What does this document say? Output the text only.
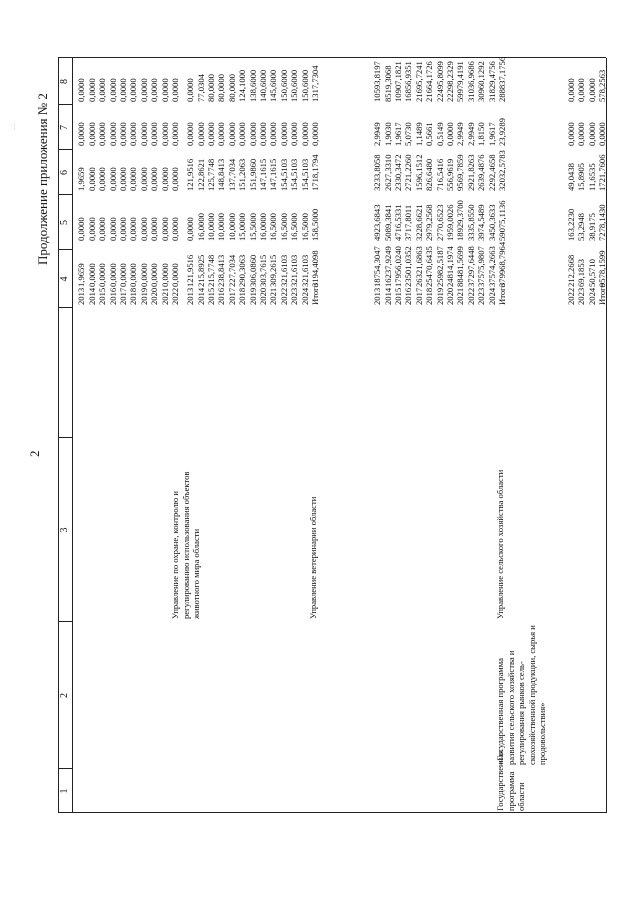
…
2
1
2
3
4
5
6
7
8
Продолжение приложения № 2
Государственная программа области
«Государственная программа развития сельского хозяйства и регулирования рынков сель-скохозяйственной продукции, сырья и продовольствия»
Управление сельского хозяйства области
Управление ветеринарии области
Управление по охране, контролю и регулированию использования объектов животного мира области
2022 2023 2024 Итого
212,2668 69,1853 50,5710 9578,1599
163,2230 53,2948 38,9175 7278,1430
49,0438 15,8905 11,6535 1721,7606
0,0000 0,0000 0,0000 0,0000
0,0000 0,0000 0,0000 578,2563
2013 2014 2015 2016 2017 2018 2019 2020 2021 2022 2023 2024 Итого
18754,3047 16237,9249 17956,0240 23501,0352 26321,6863 25470,6435 25982,5187 24814,1974 88481,5699 37297,6448 37575,9807 37574,2663 379968,7964
4923,6843 5089,3841 4716,5331 3717,8011 3228,6621 2979,2568 2770,6523 1959,0026 18929,3700 3335,8550 3974,5489 3450,3633 59075,1136
3233,8058 2627,3310 2330,3472 2721,2260 1596,1512 826,6480 716,5416 556,9619 9569,7859 2921,8263 2639,4876 2292,4658 32032,5783
2,9949 1,9030 1,9617 5,0730 1,1489 0,5661 0,5149 0,0000 2,9949 2,9949 1,8150 1,9617 23,9289
10593,8197 8519,3068 10907,1821 16856,9351 21695,7241 21664,1726 22495,8099 22298,2329 59979,4191 31036,9686 30960,1292 31829,4756 288837,1756
2013 2014 2015 2016 2017 2018 2019 2020 2021 2022 2023 2024 Итого
121,9516 215,8925 215,7748 238,8413 227,7034 290,3063 306,0860 303,7615 309,2615 321,6103 321,6103 321,6103 3194,4098
0,0000 16,0000 10,0000 10,0000 10,0000 15,0000 15,5000 16,0000 16,5000 16,5000 16,5000 16,5000 158,5000
121,9516 122,8621 125,7748 148,8413 137,7034 151,2063 151,9860 147,1615 147,1615 154,5103 154,5103 154,5103 1718,1794
0,0000 0,0000 0,0000 0,0000 0,0000 0,0000 0,0000 0,0000 0,0000 0,0000 0,0000 0,0000 0,0000
0,0000 77,0304 80,0000 80,0000 80,0000 124,1000 138,6000 140,6000 145,6000 150,6000 150,6000 150,6000 1317,7304
2013 2014 2015 2016 2017 2018 2019 2020 2021 2022
1,9659 0,0000 0,0000 0,0000 0,0000 0,0000 0,0000 0,0000 0,0000 0,0000
0,0000 0,0000 0,0000 0,0000 0,0000 0,0000 0,0000 0,0000 0,0000 0,0000
1,9659 0,0000 0,0000 0,0000 0,0000 0,0000 0,0000 0,0000 0,0000 0,0000
0,0000 0,0000 0,0000 0,0000 0,0000 0,0000 0,0000 0,0000 0,0000 0,0000
0,0000 0,0000 0,0000 0,0000 0,0000 0,0000 0,0000 0,0000 0,0000 0,0000
